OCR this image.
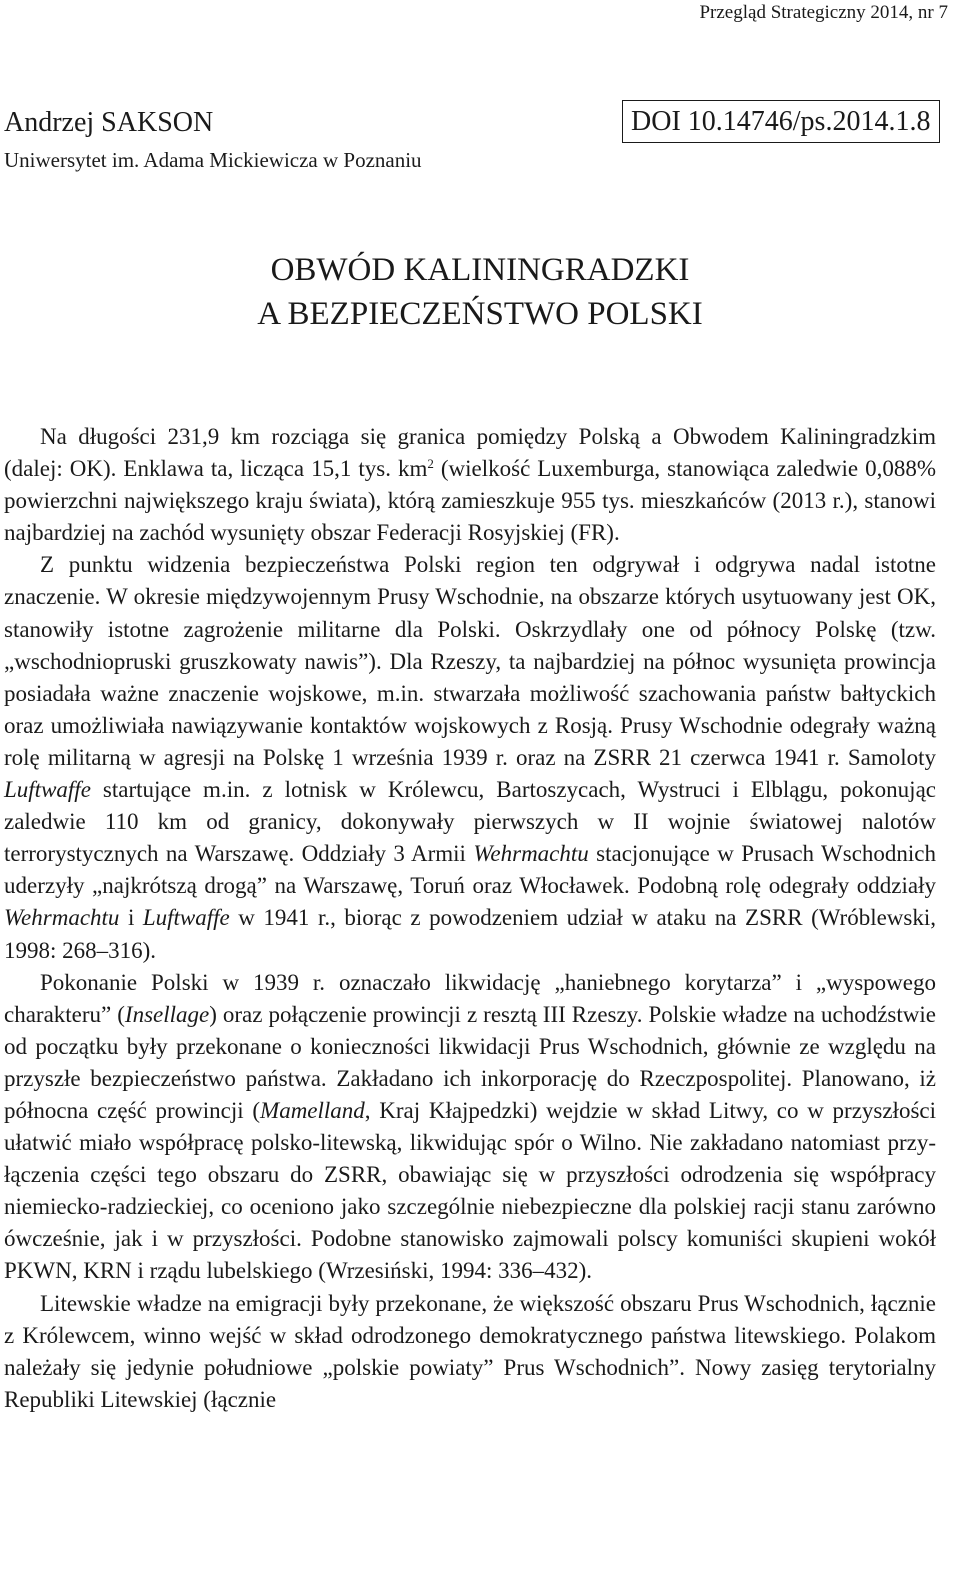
Przegląd Strategiczny 2014, nr 7
Andrzej SAKSON
Uniwersytet im. Adama Mickiewicza w Poznaniu
DOI 10.14746/ps.2014.1.8
OBWÓD KALININGRADZKI
A BEZPIECZEŃSTWO POLSKI

Na długości 231,9 km rozciąga się granica pomiędzy Polską a Obwodem Kaliningradzkim (dalej: OK). Enklawa ta, licząca 15,1 tys. $km^2$ (wielkość Luxemburga, stanowiąca zaledwie 0,088% powierzchni największego kraju świata), którą zamieszkuje 955 tys. mieszkańców (2013 r.), stanowi najbardziej na zachód wysunięty obszar Federacji Rosyjskiej (FR).

Z punktu widzenia bezpieczeństwa Polski region ten odgrywał i odgrywa nadal istotne znaczenie. W okresie międzywojennym Prusy Wschodnie, na obszarze których usytuowany jest OK, stanowiły istotne zagrożenie militarne dla Polski. Oskrzydlały one od północy Polskę (tzw. „wschodniopruski gruszkowaty nawis”). Dla Rzeszy, ta najbardziej na północ wysunięta prowincja posiadała ważne znaczenie wojskowe, m.in. stwarzała możliwość szachowania państw bałtyckich oraz umożliwiała nawiązywanie kontaktów wojskowych z Rosją. Prusy Wschodnie odegrały ważną rolę militarną w agresji na Polskę 1 września 1939 r. oraz na ZSRR 21 czerwca 1941 r. Samoloty Luftwaffe startujące m.in. z lotnisk w Królewcu, Bartoszycach, Wystruci i Elblągu, pokonując zaledwie 110 km od granicy, dokonywały pierwszych w II wojnie światowej nalotów terrorystycznych na Warszawę. Oddziały 3 Armii Wehrmachtu stacjonujące w Prusach Wschodnich uderzyły „najkrótszą drogą” na Warszawę, Toruń oraz Włocławek. Podobną rolę odegrały oddziały Wehrmachtu i Luftwaffe w 1941 r., biorąc z powodzeniem udział w ataku na ZSRR (Wróblewski, 1998: 268–316).

Pokonanie Polski w 1939 r. oznaczało likwidację „haniebnego korytarza” i „wyspowego charakteru” (Insellage) oraz połączenie prowincji z resztą III Rzeszy. Polskie władze na uchodźstwie od początku były przekonane o konieczności likwidacji Prus Wschodnich, głównie ze względu na przyszłe bezpieczeństwo państwa. Zakładano ich inkorporację do Rzeczpospolitej. Planowano, iż północna część prowincji (Mamelland, Kraj Kłajpedzki) wejdzie w skład Litwy, co w przyszłości ułatwić miało współpracę polsko-litewską, likwidując spór o Wilno. Nie zakładano natomiast przyłączenia części tego obszaru do ZSRR, obawiając się w przyszłości odrodzenia się współpracy niemiecko-radzieckiej, co oceniono jako szczególnie niebezpieczne dla polskiej racji stanu zarówno ówcześnie, jak i w przyszłości. Podobne stanowisko zajmowali polscy komuniści skupieni wokół PKWN, KRN i rządu lubelskiego (Wrzesiński, 1994: 336–432).

Litewskie władze na emigracji były przekonane, że większość obszaru Prus Wschodnich, łącznie z Królewcem, winno wejść w skład odrodzonego demokratycznego państwa litewskiego. Polakom należały się jedynie południowe „polskie powiaty” Prus Wschodnich”. Nowy zasięg terytorialny Republiki Litewskiej (łącznie
